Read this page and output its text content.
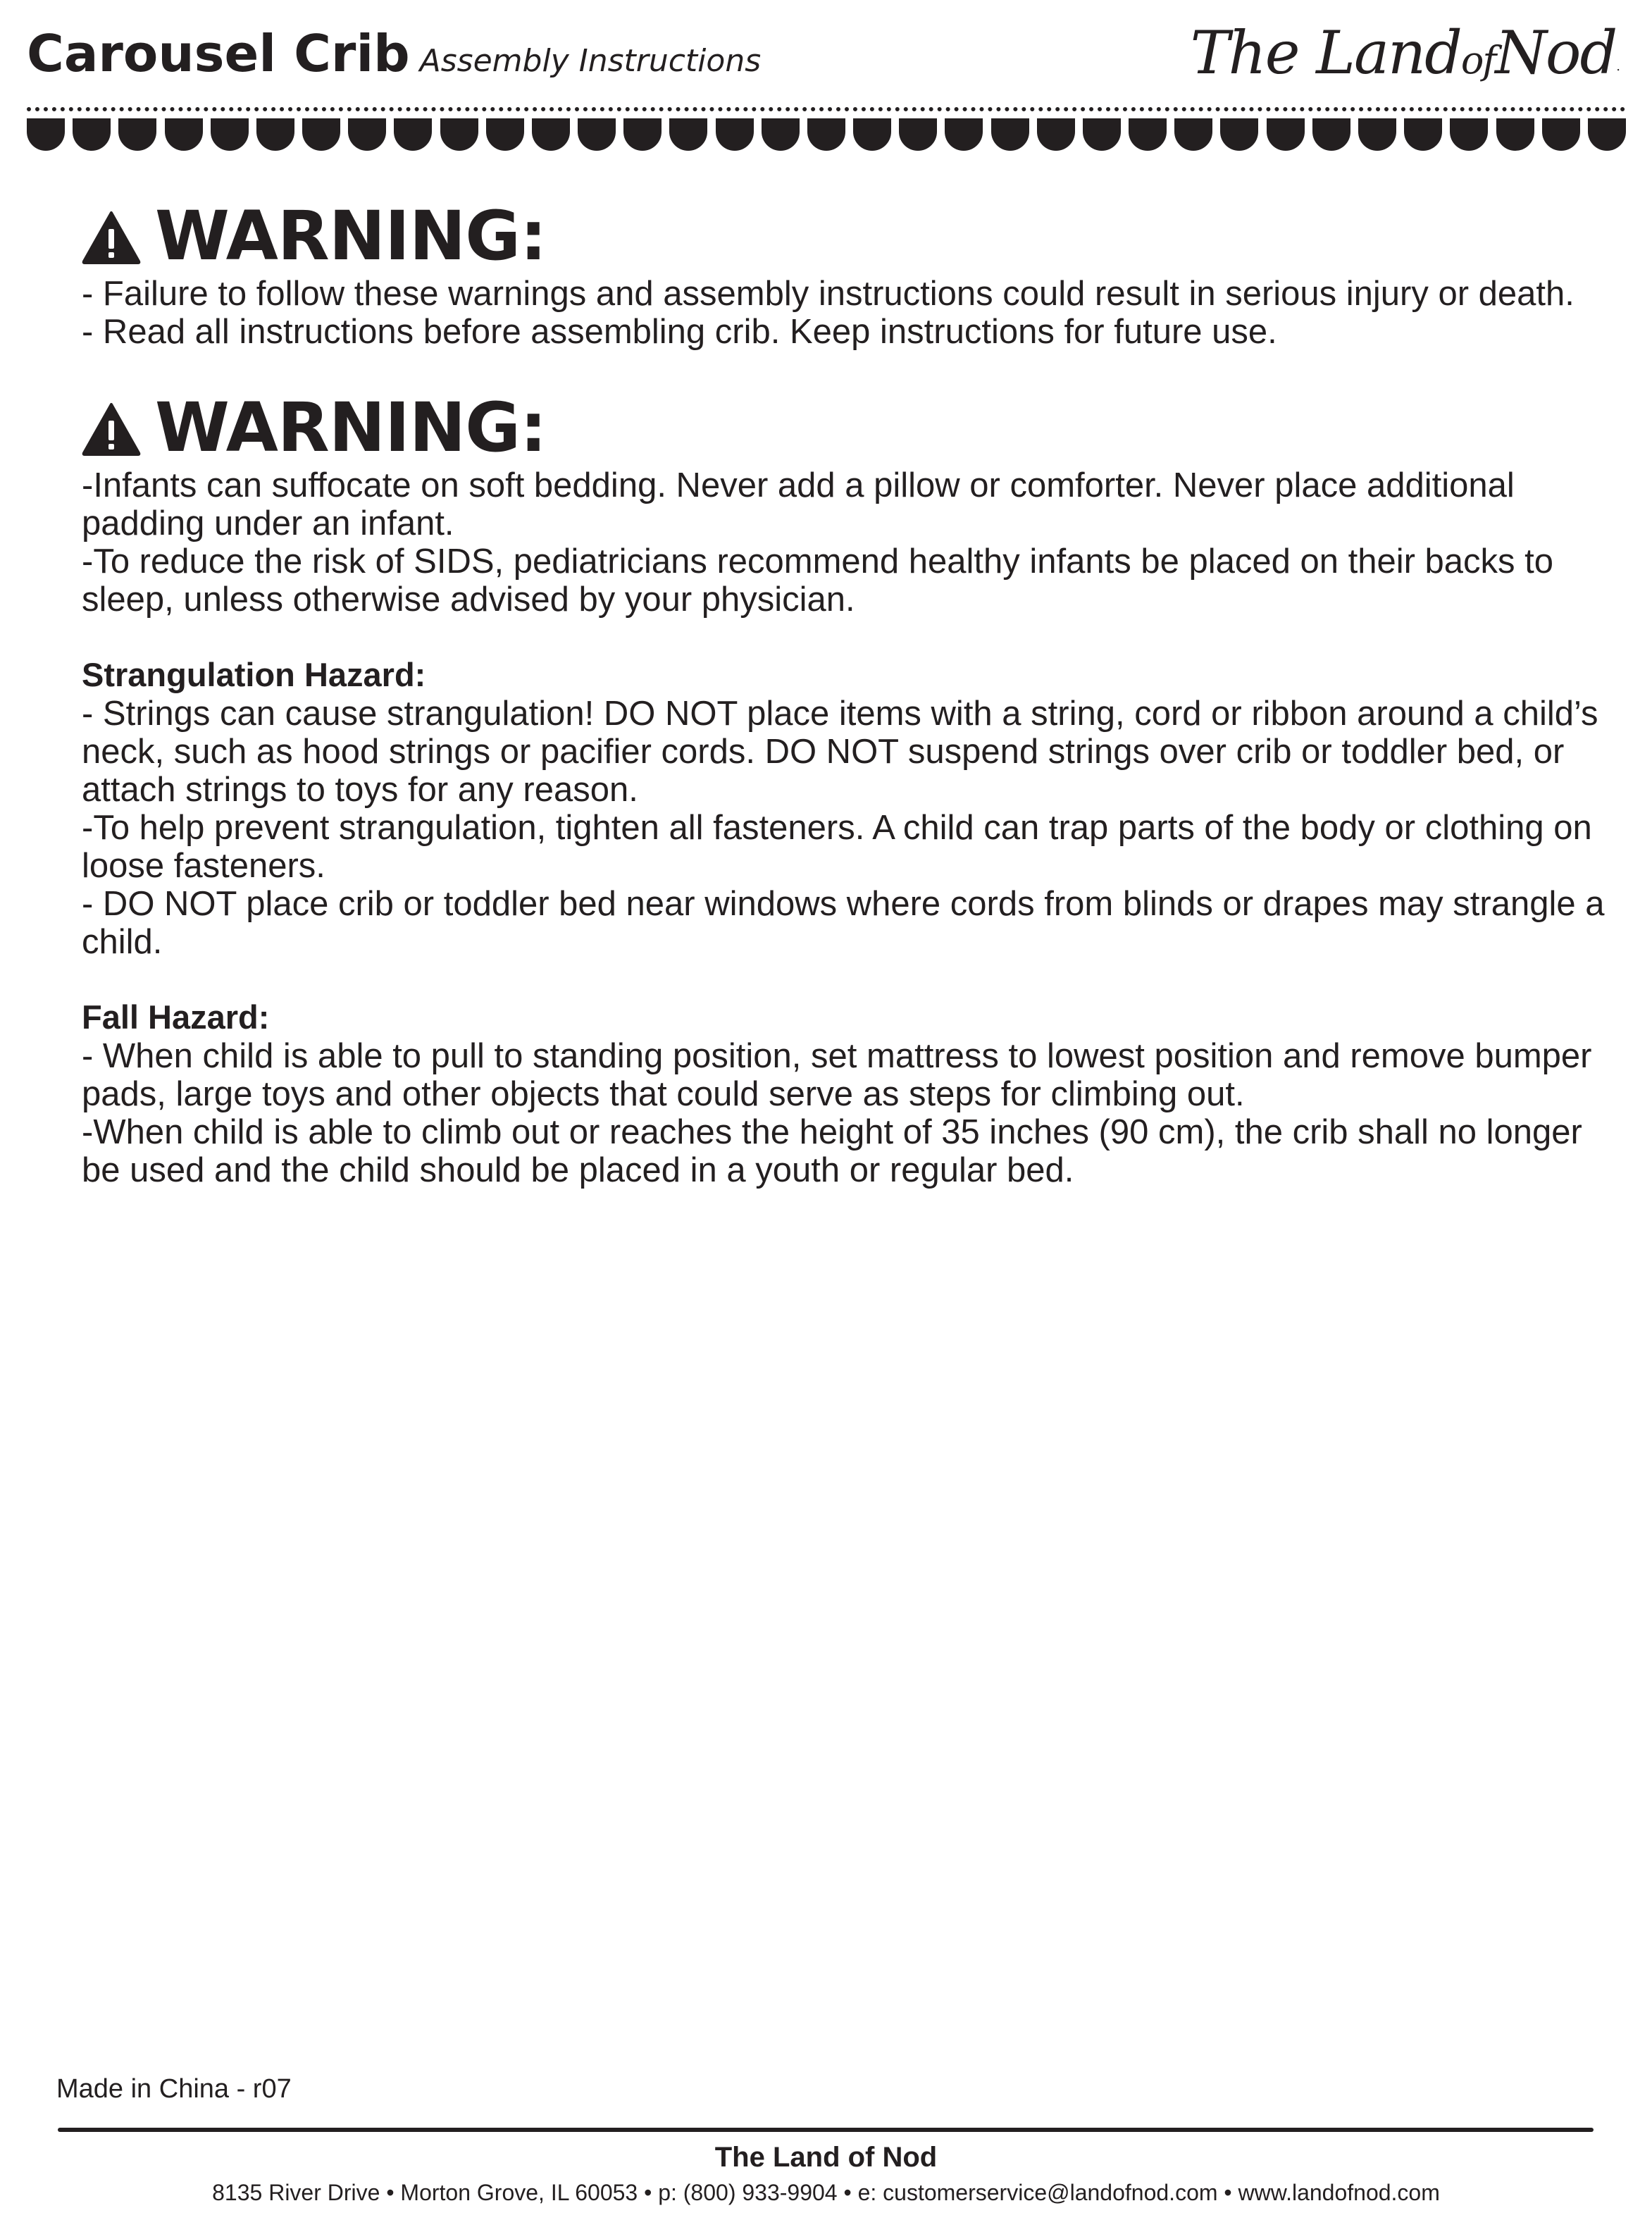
Carousel Crib Assembly Instructions	The LandofNod.
WARNING:

- Failure to follow these warnings and assembly instructions could result in serious injury or death.

- Read all instructions before assembling crib. Keep instructions for future use.

WARNING:

-Infants can suffocate on soft bedding. Never add a pillow or comforter. Never place additional padding under an infant.

-To reduce the risk of SIDS, pediatricians recommend healthy infants be placed on their backs to sleep, unless otherwise advised by your physician.

Strangulation Hazard:

- Strings can cause strangulation! DO NOT place items with a string, cord or ribbon around a child’s neck, such as hood strings or pacifier cords. DO NOT suspend strings over crib or toddler bed, or attach strings to toys for any reason.

-To help prevent strangulation, tighten all fasteners. A child can trap parts of the body or clothing on loose fasteners.

- DO NOT place crib or toddler bed near windows where cords from blinds or drapes may strangle a child.

Fall Hazard:

- When child is able to pull to standing position, set mattress to lowest position and remove bumper pads, large toys and other objects that could serve as steps for climbing out.

-When child is able to climb out or reaches the height of 35 inches (90 cm), the crib shall no longer be used and the child should be placed in a youth or regular bed.

Made in China - r07
The Land of Nod
8135 River Drive • Morton Grove, IL 60053 • p: (800) 933-9904 • e: customerservice@landofnod.com • www.landofnod.com
